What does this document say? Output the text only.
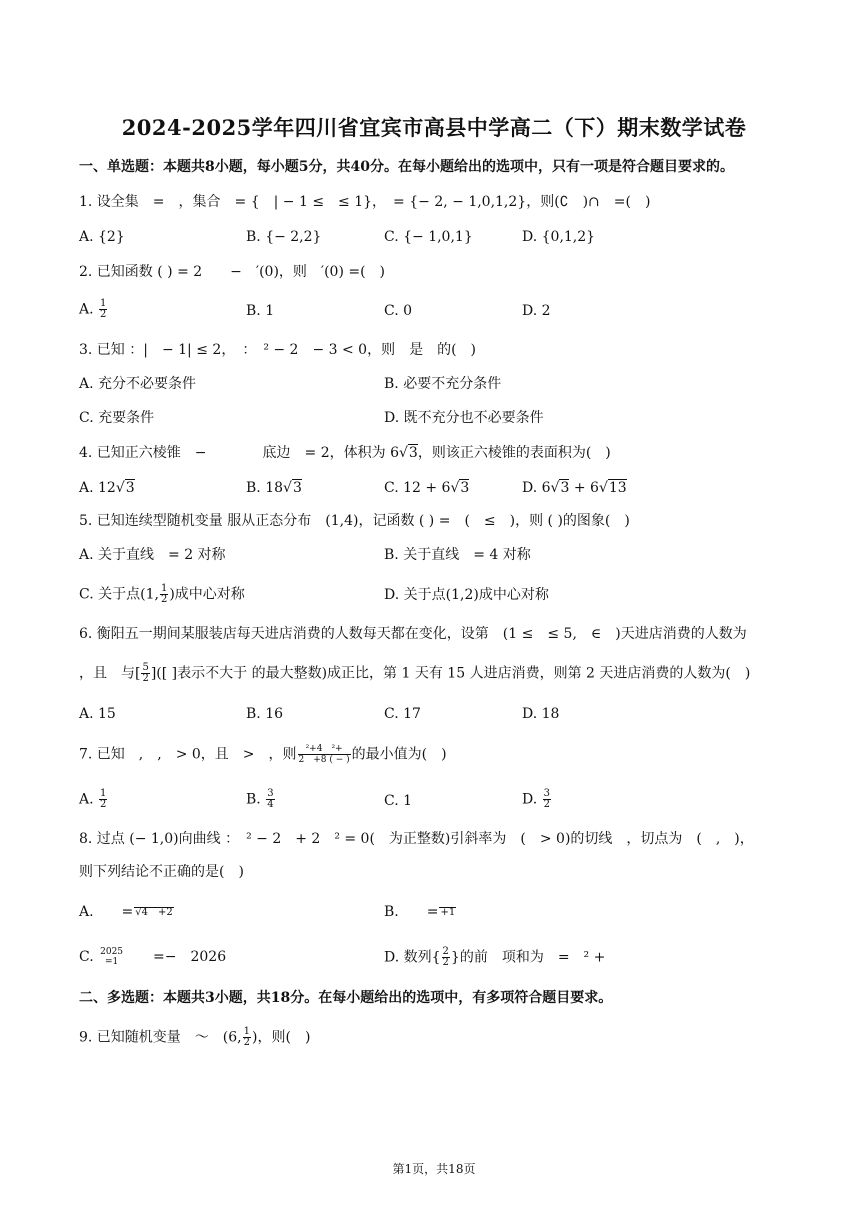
2024-2025学年四川省宜宾市高县中学高二（下）期末数学试卷
一、单选题：本题共8小题，每小题5分，共40分。在每小题给出的选项中，只有一项是符合题目要求的。
1. 设全集　=　，集合　= {　| − 1 ≤　≤ 1}，　= {− 2, − 1,0,1,2}，则(∁　)∩　=(　)
A. {2}	B. {− 2,2}	C. {− 1,0,1}	D. {0,1,2}
2. 已知函数 ( ) = 2　　−　′(0)，则　′(0) =(　)
A. $\frac{1}{2}$	B. 1	C. 0	D. 2
3. 已知 ：|　− 1| ≤ 2，　：　² − 2　− 3 < 0，则　是　的(　)
A. 充分不必要条件	B. 必要不充分条件
C. 充要条件	D. 既不充分也不必要条件
4. 已知正六棱锥　−　　　　底边　= 2，体积为 6√3，则该正六棱锥的表面积为(　)
A. 12√3	B. 18√3	C. 12 + 6√3	D. 6√3 + 6√13
5. 已知连续型随机变量 服从正态分布　(1,4)，记函数 ( ) =　(　≤　)，则 ( )的图象(　)
A. 关于直线　= 2 对称	B. 关于直线　= 4 对称
C. 关于点(1, $\frac{1}{2}$ )成中心对称	D. 关于点(1,2)成中心对称
6. 衡阳五一期间某服装店每天进店消费的人数每天都在变化，设第　(1 ≤　≤ 5,　∈　)天进店消费的人数为
，且　与[ $\frac{5}{2}$ ]([ ]表示不大于 的最大整数)成正比，第 1 天有 15 人进店消费，则第 2 天进店消费的人数为(　)
A. 15	B. 16	C. 17	D. 18
7. 已知　,　,　> 0，且　>　，则 $\frac{\text{²+4　²+}}{2 +8 ( - )}$ 的最小值为(　)
A. $\frac{1}{2}$	B. $\frac{3}{4}$	C. 1	D. $\frac{3}{2}$
8. 过点 (− 1,0)向曲线 ：　² − 2　+ 2　² = 0(　为正整数)引斜率为　(　> 0)的切线　，切点为　(　,　)，
则下列结论不正确的是(　)
A.　　= √4　+2	B.　　= +1
C. 2025
=1 　　=−　2026	D. 数列{ $\frac{2}{2}$ }的前　项和为　=　² +
二、多选题：本题共3小题，共18分。在每小题给出的选项中，有多项符合题目要求。
9. 已知随机变量　～　(6, $\frac{1}{2}$ )，则(　)
第1页，共18页
